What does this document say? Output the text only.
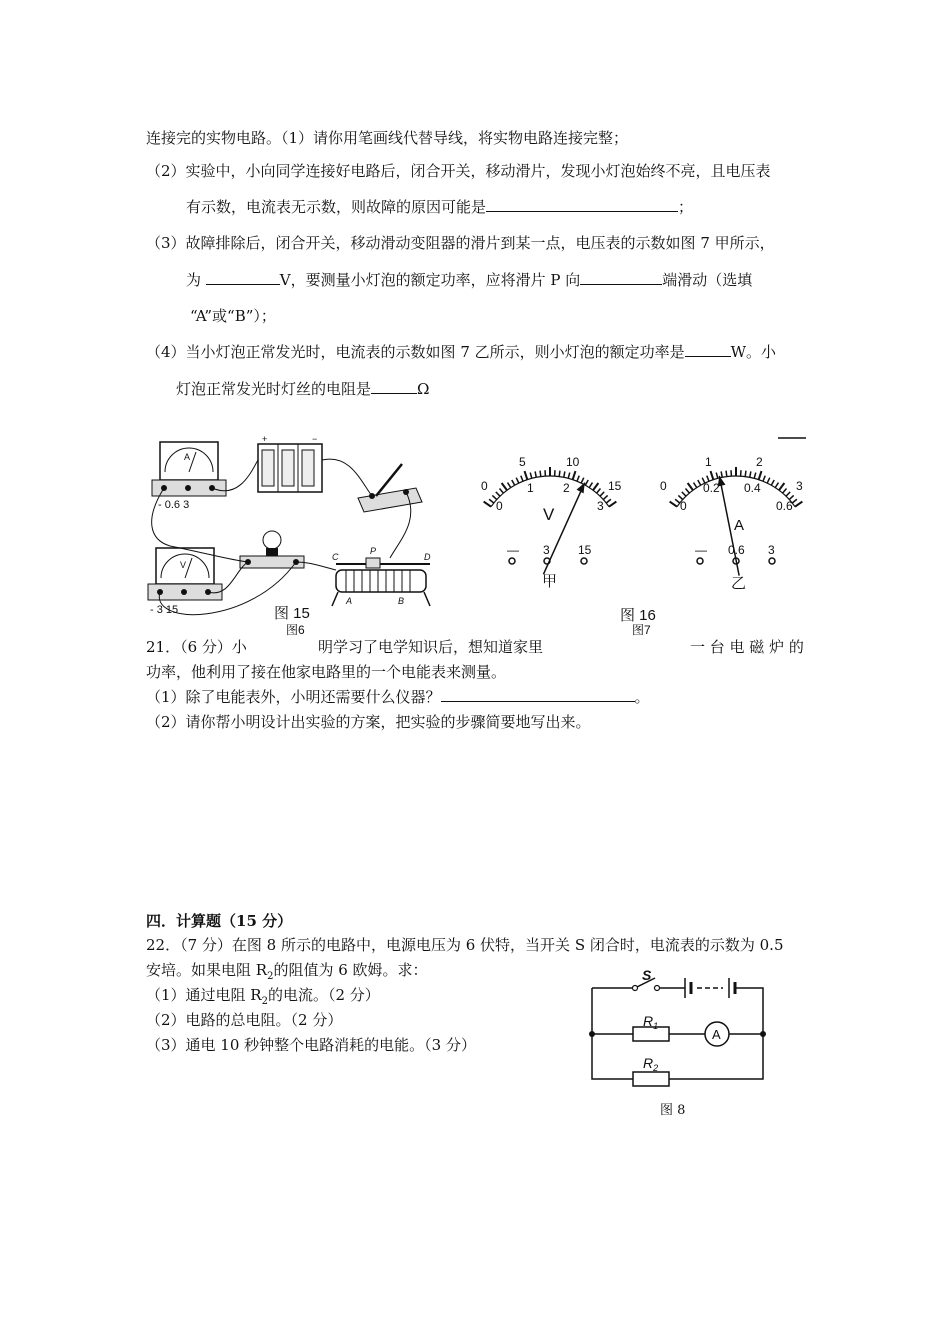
连接完的实物电路。（1）请你用笔画线代替导线，将实物电路连接完整；
（2）实验中，小向同学连接好电路后，闭合开关，移动滑片，发现小灯泡始终不亮，且电压表
有示数，电流表无示数，则故障的原因可能是	；
（3）故障排除后，闭合开关，移动滑动变阻器的滑片到某一点，电压表的示数如图 7 甲所示，
为	V，要测量小灯泡的额定功率，应将滑片 P 向	端滑动（选填
“A”或“B”）；
（4）当小灯泡正常发光时，电流表的示数如图 7 乙所示，则小灯泡的额定功率是	W。小
灯泡正常发光时灯丝的电阻是	Ω
A
- 0.6 3
+	−
V
- 3 15
C
P
D
A	B
图 15
图6
0
5	10
15
0
1 2
3
V
— 3 15
甲
0
1	2
3
0
0.2 0.4
0.6
A
— 0.6 3
乙
图 16
图7
21．（6 分）小	明学习了电学知识后，想知道家里	一 台 电 磁 炉 的
功率，他利用了接在他家电路里的一个电能表来测量。
（1）除了电能表外，小明还需要什么仪器？	。
（2）请你帮小明设计出实验的方案，把实验的步骤简要地写出来。
四．计算题（15 分）
22．（7 分）在图 8 所示的电路中，电源电压为 6 伏特，当开关 S 闭合时，电流表的示数为 0.5
安培。如果电阻 $R_2$的阻值为 6 欧姆。求：
（1）通过电阻 $R_2$的电流。（2 分）
（2）电路的总电阻。（2 分）
（3）通电 10 秒钟整个电路消耗的电能。（3 分）
S
$R_1$
A
$R_2$
图 8
